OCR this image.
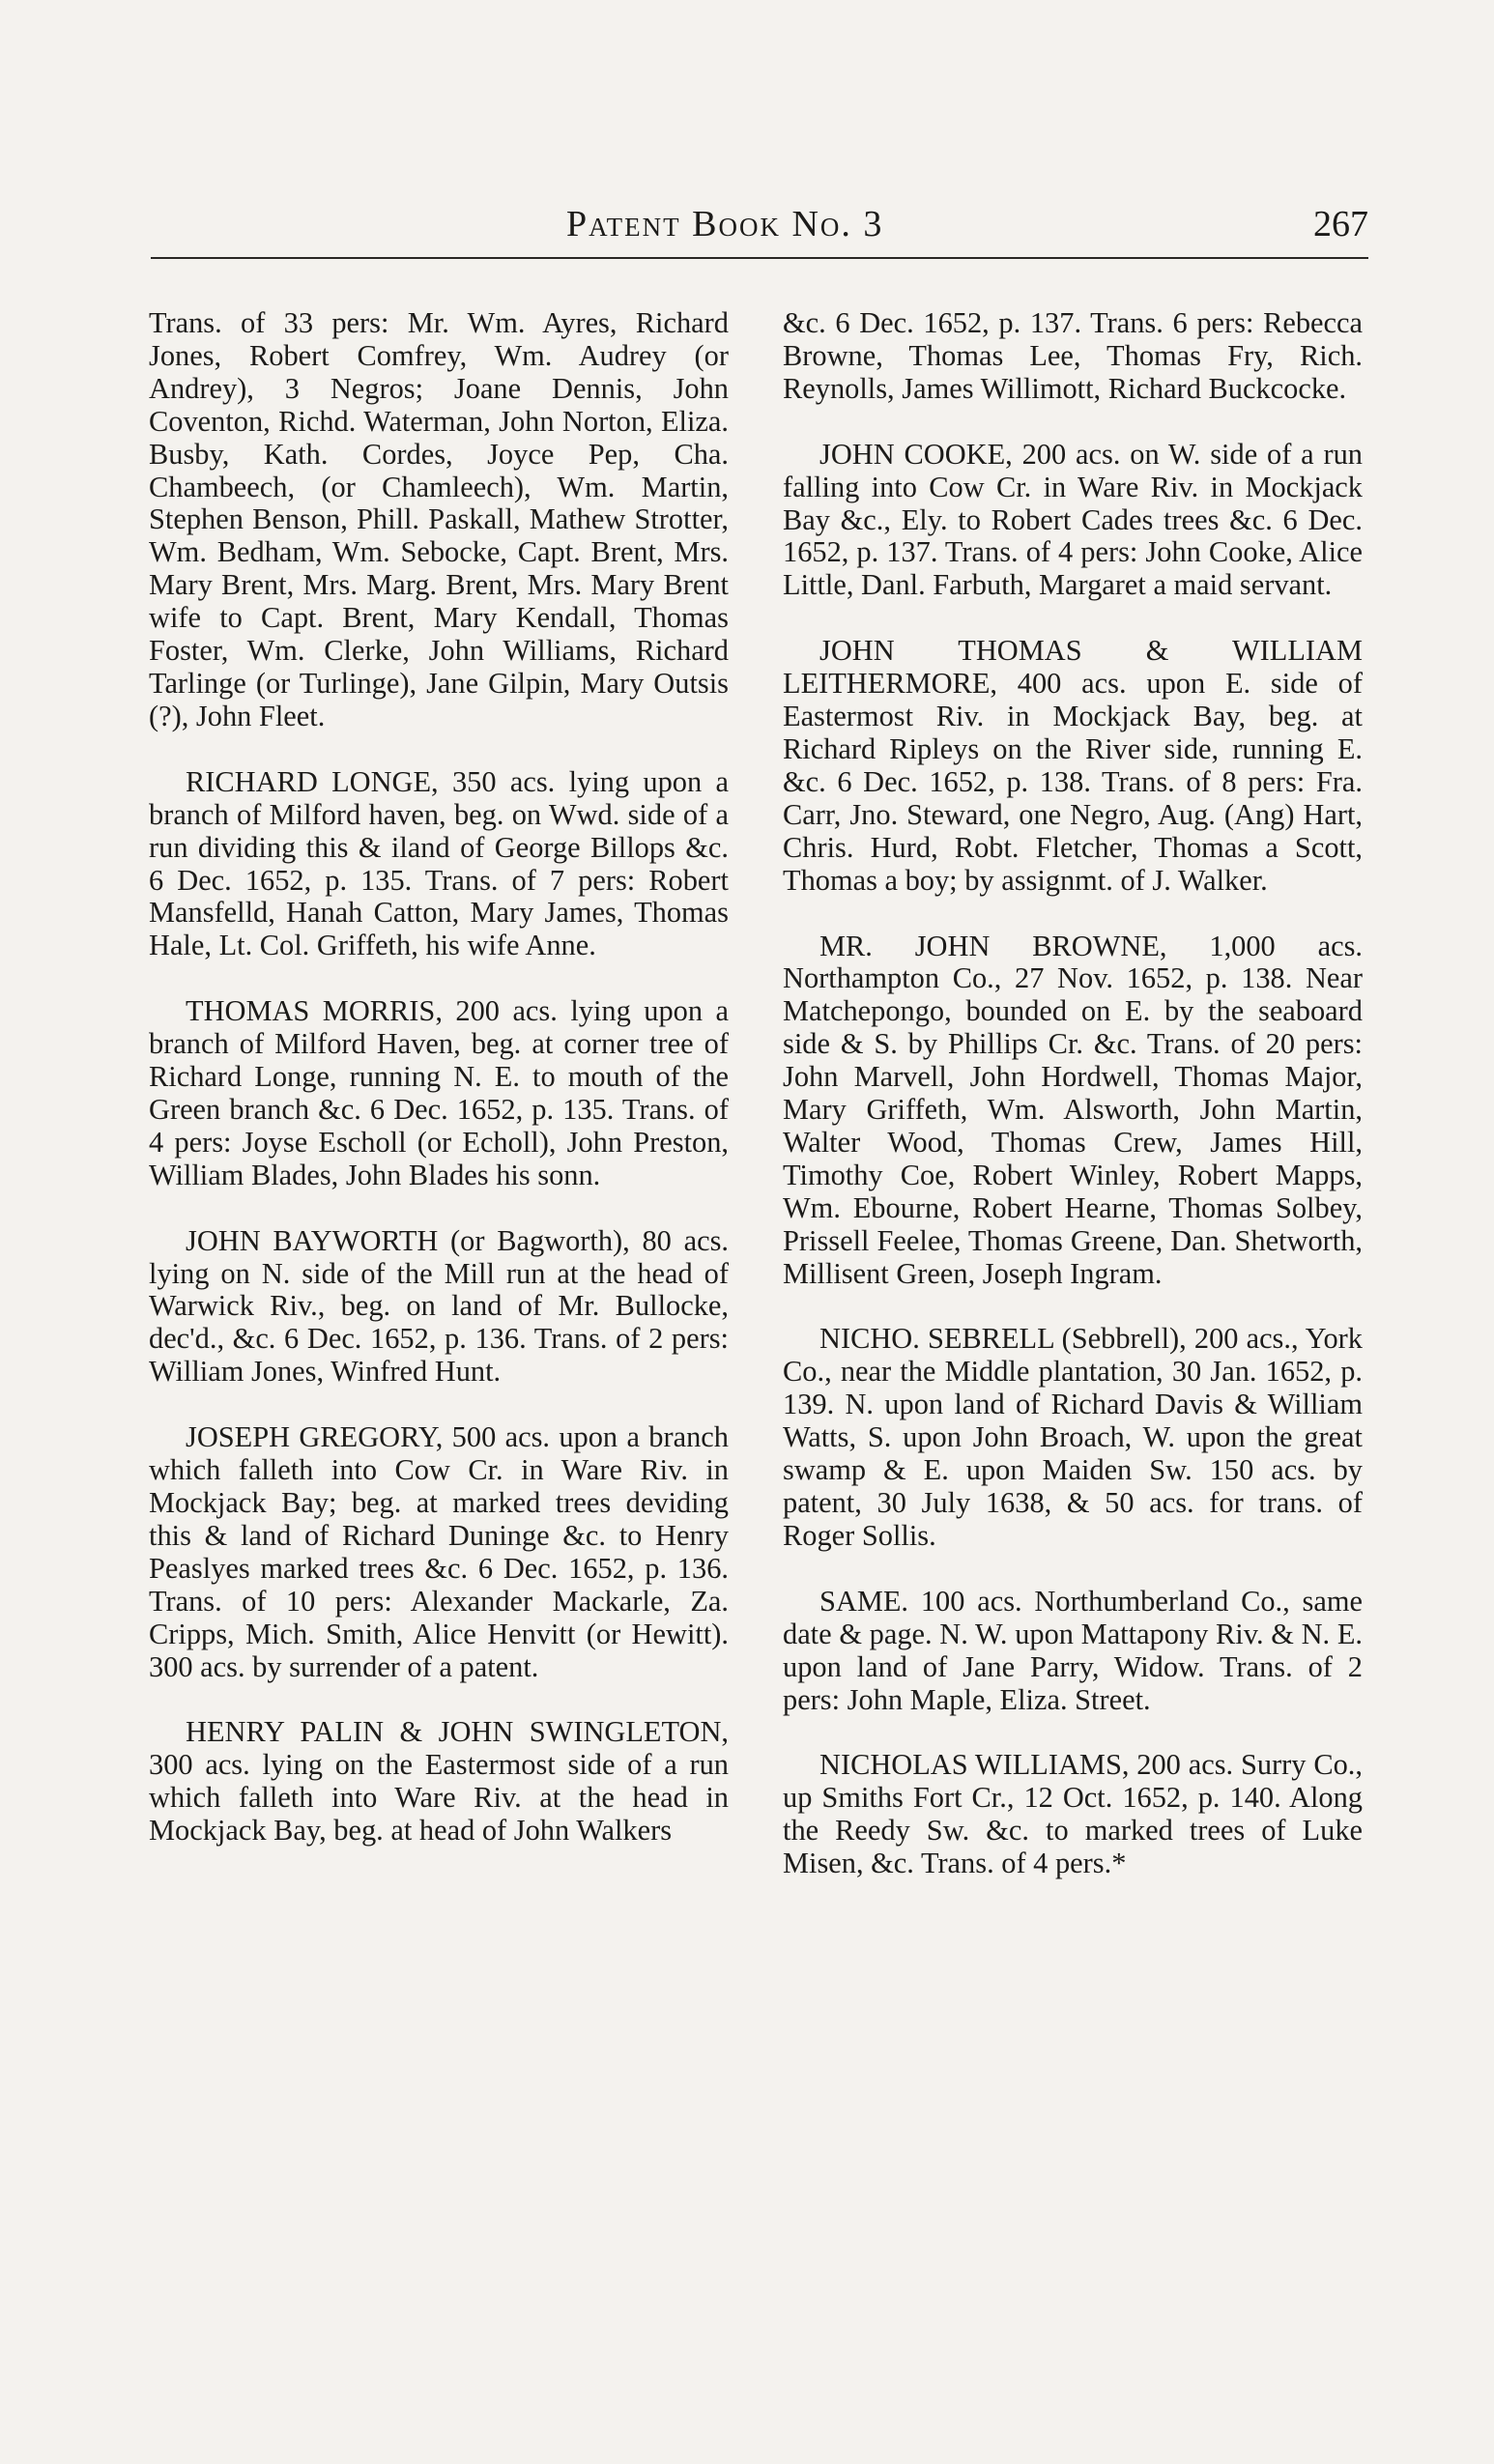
Patent Book No. 3	267

Trans. of 33 pers: Mr. Wm. Ayres, Richard Jones, Robert Comfrey, Wm. Audrey (or Andrey), 3 Negros; Joane Dennis, John Coventon, Richd. Waterman, John Norton, Eliza. Busby, Kath. Cordes, Joyce Pep, Cha. Chambeech, (or Chamleech), Wm. Martin, Stephen Benson, Phill. Paskall, Mathew Strotter, Wm. Bedham, Wm. Sebocke, Capt. Brent, Mrs. Mary Brent, Mrs. Marg. Brent, Mrs. Mary Brent wife to Capt. Brent, Mary Kendall, Thomas Foster, Wm. Clerke, John Williams, Richard Tarlinge (or Turlinge), Jane Gilpin, Mary Outsis (?), John Fleet.

RICHARD LONGE, 350 acs. lying upon a branch of Milford haven, beg. on Wwd. side of a run dividing this & iland of George Billops &c. 6 Dec. 1652, p. 135. Trans. of 7 pers: Robert Mansfelld, Hanah Catton, Mary James, Thomas Hale, Lt. Col. Griffeth, his wife Anne.

THOMAS MORRIS, 200 acs. lying upon a branch of Milford Haven, beg. at corner tree of Richard Longe, running N. E. to mouth of the Green branch &c. 6 Dec. 1652, p. 135. Trans. of 4 pers: Joyse Escholl (or Echoll), John Preston, William Blades, John Blades his sonn.

JOHN BAYWORTH (or Bagworth), 80 acs. lying on N. side of the Mill run at the head of Warwick Riv., beg. on land of Mr. Bullocke, dec'd., &c. 6 Dec. 1652, p. 136. Trans. of 2 pers: William Jones, Winfred Hunt.

JOSEPH GREGORY, 500 acs. upon a branch which falleth into Cow Cr. in Ware Riv. in Mockjack Bay; beg. at marked trees deviding this & land of Richard Duninge &c. to Henry Peaslyes marked trees &c. 6 Dec. 1652, p. 136. Trans. of 10 pers: Alexander Mackarle, Za. Cripps, Mich. Smith, Alice Henvitt (or Hewitt). 300 acs. by surrender of a patent.

HENRY PALIN & JOHN SWINGLETON, 300 acs. lying on the Eastermost side of a run which falleth into Ware Riv. at the head in Mockjack Bay, beg. at head of John Walkers

&c. 6 Dec. 1652, p. 137. Trans. 6 pers: Rebecca Browne, Thomas Lee, Thomas Fry, Rich. Reynolls, James Willimott, Richard Buckcocke.

JOHN COOKE, 200 acs. on W. side of a run falling into Cow Cr. in Ware Riv. in Mockjack Bay &c., Ely. to Robert Cades trees &c. 6 Dec. 1652, p. 137. Trans. of 4 pers: John Cooke, Alice Little, Danl. Farbuth, Margaret a maid servant.

JOHN THOMAS & WILLIAM LEITHERMORE, 400 acs. upon E. side of Eastermost Riv. in Mockjack Bay, beg. at Richard Ripleys on the River side, running E. &c. 6 Dec. 1652, p. 138. Trans. of 8 pers: Fra. Carr, Jno. Steward, one Negro, Aug. (Ang) Hart, Chris. Hurd, Robt. Fletcher, Thomas a Scott, Thomas a boy; by assignmt. of J. Walker.

MR. JOHN BROWNE, 1,000 acs. Northampton Co., 27 Nov. 1652, p. 138. Near Matchepongo, bounded on E. by the seaboard side & S. by Phillips Cr. &c. Trans. of 20 pers: John Marvell, John Hordwell, Thomas Major, Mary Griffeth, Wm. Alsworth, John Martin, Walter Wood, Thomas Crew, James Hill, Timothy Coe, Robert Winley, Robert Mapps, Wm. Ebourne, Robert Hearne, Thomas Solbey, Prissell Feelee, Thomas Greene, Dan. Shetworth, Millisent Green, Joseph Ingram.

NICHO. SEBRELL (Sebbrell), 200 acs., York Co., near the Middle plantation, 30 Jan. 1652, p. 139. N. upon land of Richard Davis & William Watts, S. upon John Broach, W. upon the great swamp & E. upon Maiden Sw. 150 acs. by patent, 30 July 1638, & 50 acs. for trans. of Roger Sollis.

SAME. 100 acs. Northumberland Co., same date & page. N. W. upon Mattapony Riv. & N. E. upon land of Jane Parry, Widow. Trans. of 2 pers: John Maple, Eliza. Street.

NICHOLAS WILLIAMS, 200 acs. Surry Co., up Smiths Fort Cr., 12 Oct. 1652, p. 140. Along the Reedy Sw. &c. to marked trees of Luke Misen, &c. Trans. of 4 pers.*
